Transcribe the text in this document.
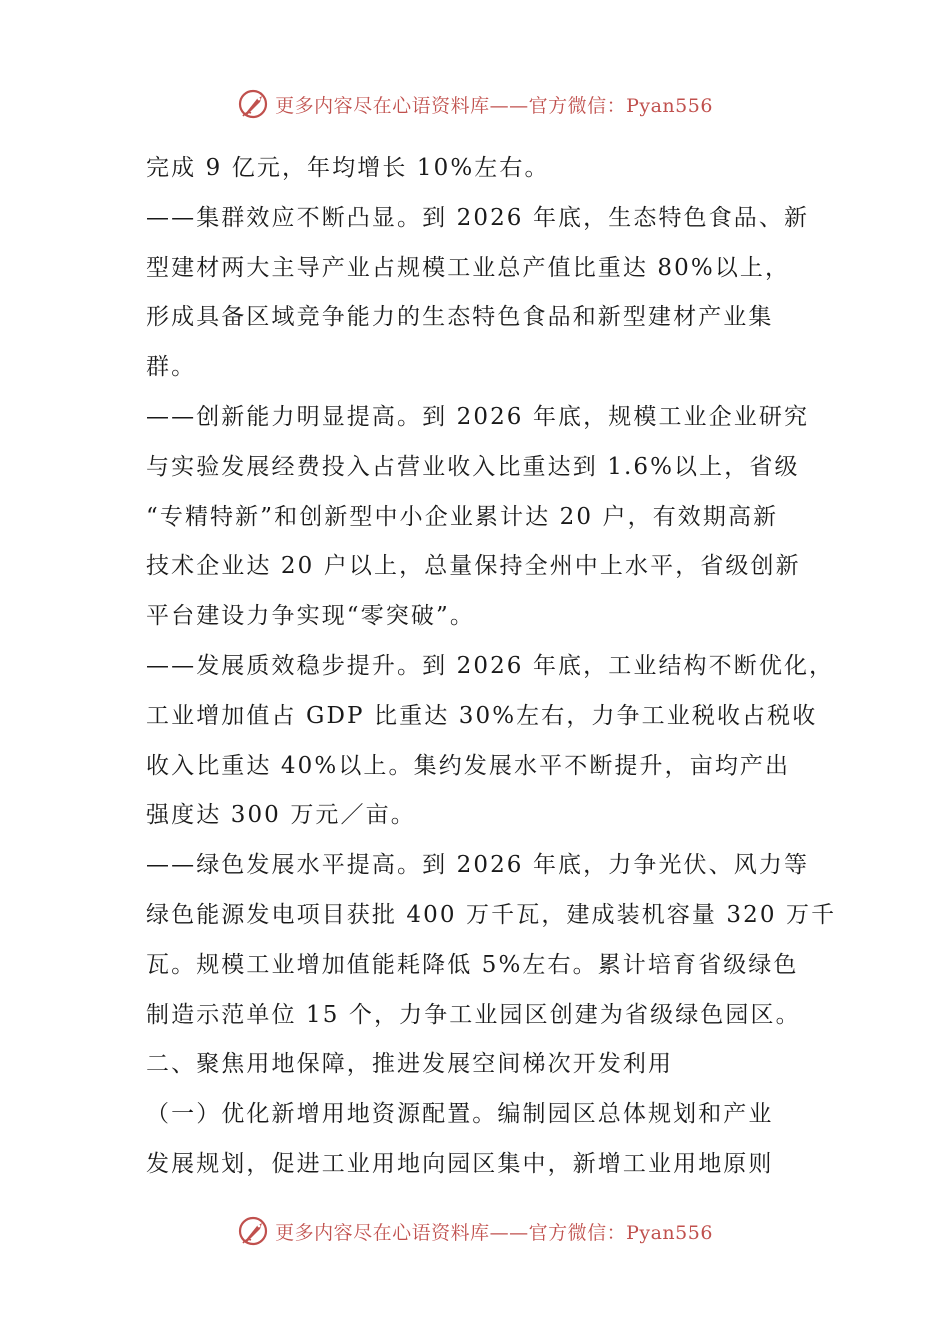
更多内容尽在心语资料库——官方微信：Pyan556
完成 9 亿元，年均增长 10%左右。
——集群效应不断凸显。到 2026 年底，生态特色食品、新
型建材两大主导产业占规模工业总产值比重达 80%以上，
形成具备区域竞争能力的生态特色食品和新型建材产业集
群。
——创新能力明显提高。到 2026 年底，规模工业企业研究
与实验发展经费投入占营业收入比重达到 1.6%以上，省级
“专精特新”和创新型中小企业累计达 20 户，有效期高新
技术企业达 20 户以上，总量保持全州中上水平，省级创新
平台建设力争实现“零突破”。
——发展质效稳步提升。到 2026 年底，工业结构不断优化，
工业增加值占 GDP 比重达 30%左右，力争工业税收占税收
收入比重达 40%以上。集约发展水平不断提升，亩均产出
强度达 300 万元／亩。
——绿色发展水平提高。到 2026 年底，力争光伏、风力等
绿色能源发电项目获批 400 万千瓦，建成装机容量 320 万千
瓦。规模工业增加值能耗降低 5%左右。累计培育省级绿色
制造示范单位 15 个，力争工业园区创建为省级绿色园区。
二、聚焦用地保障，推进发展空间梯次开发利用
（一）优化新增用地资源配置。编制园区总体规划和产业
发展规划，促进工业用地向园区集中，新增工业用地原则
更多内容尽在心语资料库——官方微信：Pyan556
